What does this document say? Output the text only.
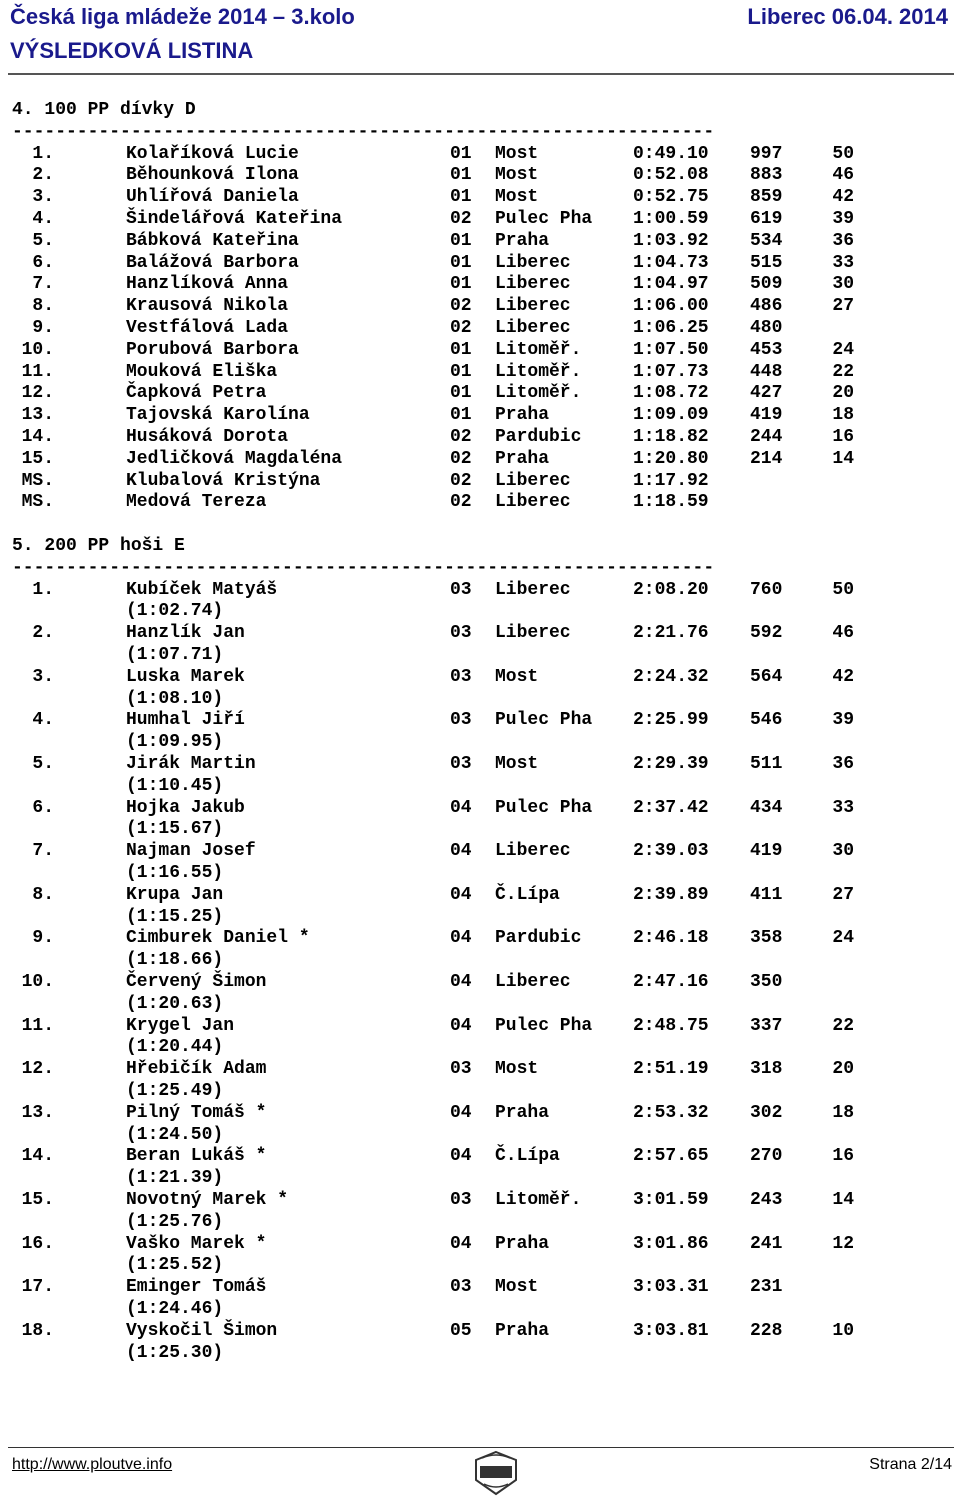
Česká liga mládeže 2014 – 3.kolo	Liberec 06.04. 2014
VÝSLEDKOVÁ LISTINA
4. 100 PP dívky D
-----------------------------------------------------------------
1.	Kolaříková Lucie	01 Most	0:49.10 997	50
2.	Běhounková Ilona	01 Most	0:52.08 883	46
3.	Uhlířová Daniela	01 Most	0:52.75 859	42
4.	Šindelářová Kateřina	02 Pulec Pha 1:00.59 619	39
5.	Bábková Kateřina	01 Praha	1:03.92 534	36
6.	Balážová Barbora	01 Liberec	1:04.73 515	33
7.	Hanzlíková Anna	01 Liberec	1:04.97 509	30
8.	Krausová Nikola	02 Liberec	1:06.00 486	27
9.	Vestfálová Lada	02 Liberec	1:06.25 480
10.	Porubová Barbora	01 Litoměř.	1:07.50 453	24
11.	Mouková Eliška	01 Litoměř.	1:07.73 448	22
12.	Čapková Petra	01 Litoměř.	1:08.72 427	20
13.	Tajovská Karolína	01 Praha	1:09.09 419	18
14.	Husáková Dorota	02 Pardubic	1:18.82 244	16
15.	Jedličková Magdaléna	02 Praha	1:20.80 214	14
MS.	Klubalová Kristýna	02 Liberec	1:17.92
MS.	Medová Tereza	02 Liberec	1:18.59
5. 200 PP hoši E
-----------------------------------------------------------------
1.	Kubíček Matyáš	03 Liberec	2:08.20 760	50
(1:02.74)
2.	Hanzlík Jan	03 Liberec	2:21.76 592	46
(1:07.71)
3.	Luska Marek	03 Most	2:24.32 564	42
(1:08.10)
4.	Humhal Jiří	03 Pulec Pha 2:25.99 546	39
(1:09.95)
5.	Jirák Martin	03 Most	2:29.39 511	36
(1:10.45)
6.	Hojka Jakub	04 Pulec Pha 2:37.42 434	33
(1:15.67)
7.	Najman Josef	04 Liberec	2:39.03 419	30
(1:16.55)
8.	Krupa Jan	04 Č.Lípa	2:39.89 411	27
(1:15.25)
9.	Cimburek Daniel *	04 Pardubic	2:46.18 358	24
(1:18.66)
10.	Červený Šimon	04 Liberec	2:47.16 350
(1:20.63)
11.	Krygel Jan	04 Pulec Pha 2:48.75 337	22
(1:20.44)
12.	Hřebičík Adam	03 Most	2:51.19 318	20
(1:25.49)
13.	Pilný Tomáš *	04 Praha	2:53.32 302	18
(1:24.50)
14.	Beran Lukáš *	04 Č.Lípa	2:57.65 270	16
(1:21.39)
15.	Novotný Marek *	03 Litoměř.	3:01.59 243	14
(1:25.76)
16.	Vaško Marek *	04 Praha	3:01.86 241	12
(1:25.52)
17.	Eminger Tomáš	03 Most	3:03.31 231
(1:24.46)
18.	Vyskočil Šimon	05 Praha	3:03.81 228	10
(1:25.30)
http://www.ploutve.info	Strana 2/14
